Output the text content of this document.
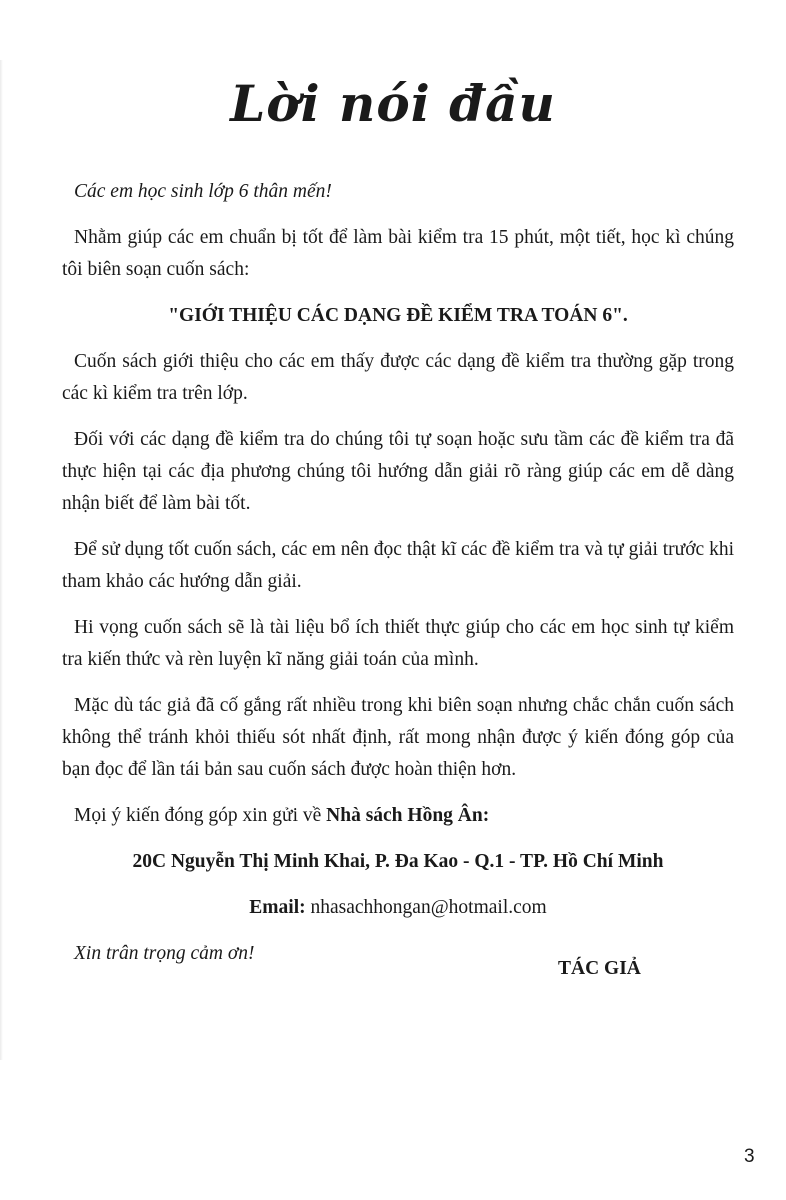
Lời nói đầu

Các em học sinh lớp 6 thân mến!

Nhằm giúp các em chuẩn bị tốt để làm bài kiểm tra 15 phút, một tiết, học kì chúng tôi biên soạn cuốn sách:

"GIỚI THIỆU CÁC DẠNG ĐỀ KIỂM TRA TOÁN 6".

Cuốn sách giới thiệu cho các em thấy được các dạng đề kiểm tra thường gặp trong các kì kiểm tra trên lớp.

Đối với các dạng đề kiểm tra do chúng tôi tự soạn hoặc sưu tầm các đề kiểm tra đã thực hiện tại các địa phương chúng tôi hướng dẫn giải rõ ràng giúp các em dễ dàng nhận biết để làm bài tốt.

Để sử dụng tốt cuốn sách, các em nên đọc thật kĩ các đề kiểm tra và tự giải trước khi tham khảo các hướng dẫn giải.

Hi vọng cuốn sách sẽ là tài liệu bổ ích thiết thực giúp cho các em học sinh tự kiểm tra kiến thức và rèn luyện kĩ năng giải toán của mình.

Mặc dù tác giả đã cố gắng rất nhiều trong khi biên soạn nhưng chắc chắn cuốn sách không thể tránh khỏi thiếu sót nhất định, rất mong nhận được ý kiến đóng góp của bạn đọc để lần tái bản sau cuốn sách được hoàn thiện hơn.

Mọi ý kiến đóng góp xin gửi về Nhà sách Hồng Ân:

20C Nguyễn Thị Minh Khai, P. Đa Kao - Q.1 - TP. Hồ Chí Minh

Email: nhasachhongan@hotmail.com

Xin trân trọng cảm ơn!

TÁC GIẢ
3
